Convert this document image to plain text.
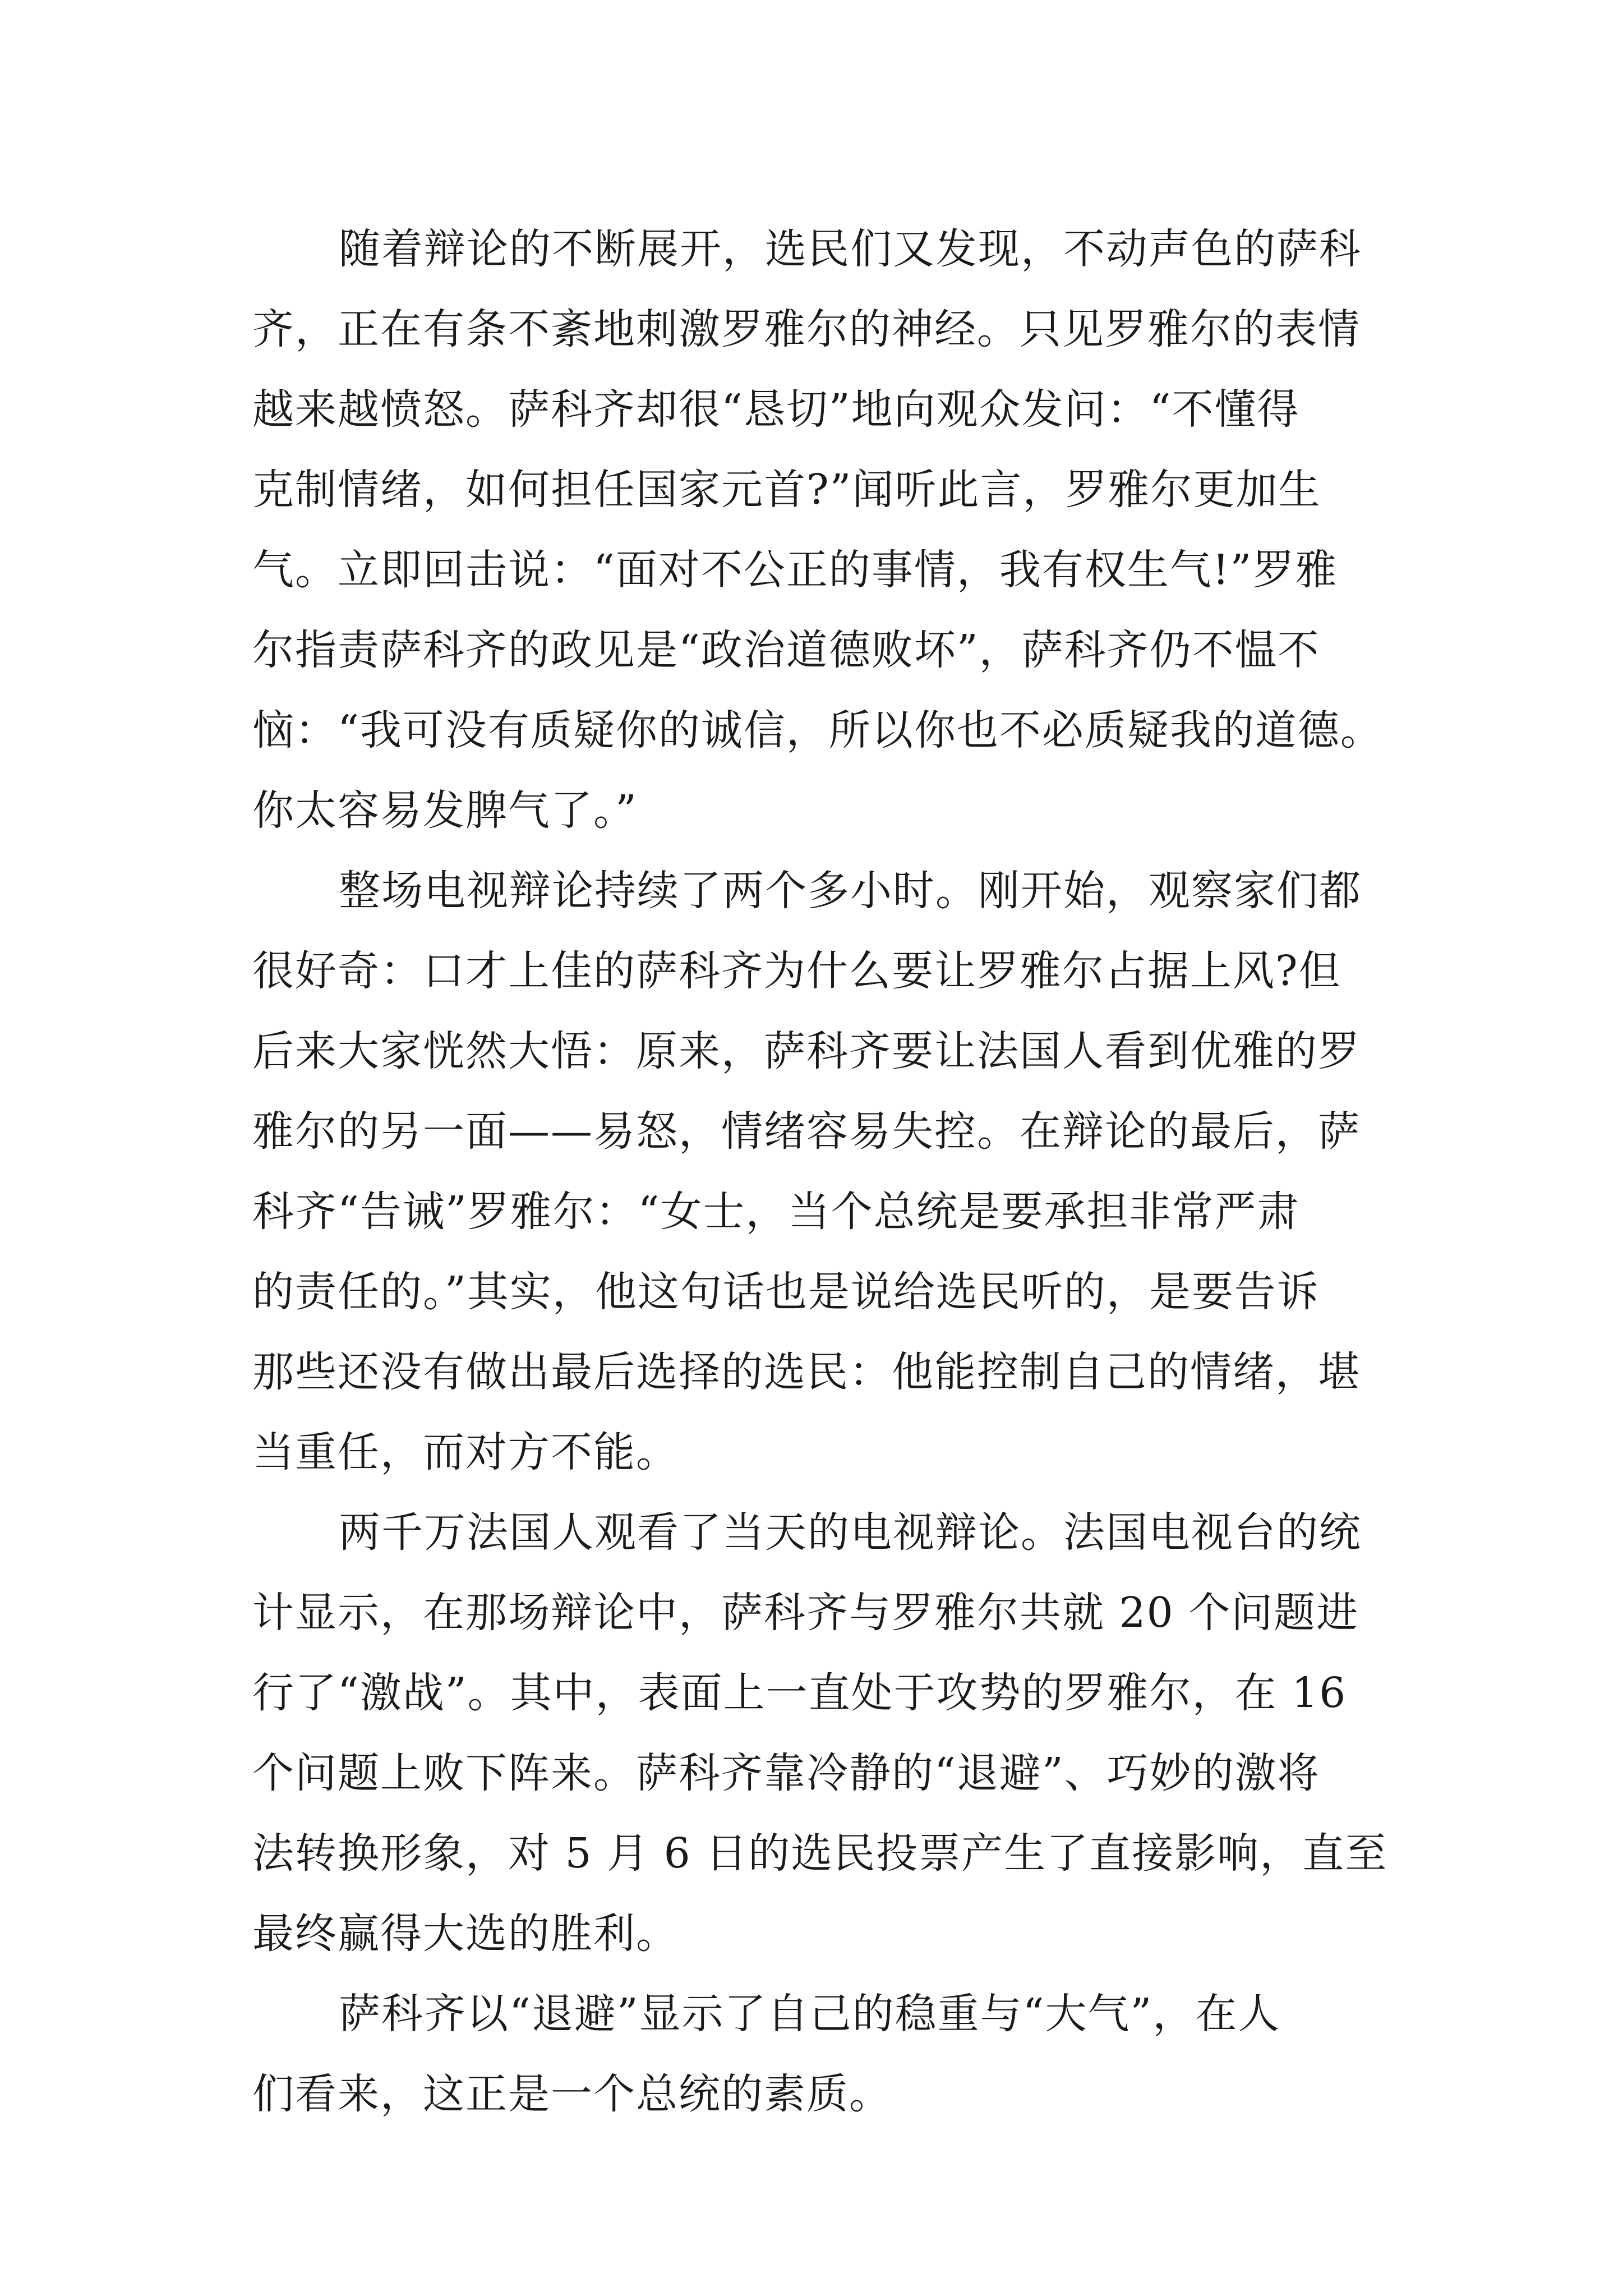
随着辩论的不断展开，选民们又发现，不动声色的萨科
齐，正在有条不紊地刺激罗雅尔的神经。只见罗雅尔的表情
越来越愤怒。萨科齐却很“恳切”地向观众发问：“不懂得
克制情绪，如何担任国家元首?”闻听此言，罗雅尔更加生
气。立即回击说：“面对不公正的事情，我有权生气!”罗雅
尔指责萨科齐的政见是“政治道德败坏”，萨科齐仍不愠不
恼：“我可没有质疑你的诚信，所以你也不必质疑我的道德。
你太容易发脾气了。”
整场电视辩论持续了两个多小时。刚开始，观察家们都
很好奇：口才上佳的萨科齐为什么要让罗雅尔占据上风?但
后来大家恍然大悟：原来，萨科齐要让法国人看到优雅的罗
雅尔的另一面——易怒，情绪容易失控。在辩论的最后，萨
科齐“告诫”罗雅尔：“女士，当个总统是要承担非常严肃
的责任的。”其实，他这句话也是说给选民听的，是要告诉
那些还没有做出最后选择的选民：他能控制自己的情绪，堪
当重任，而对方不能。
两千万法国人观看了当天的电视辩论。法国电视台的统
计显示，在那场辩论中，萨科齐与罗雅尔共就 20 个问题进
行了“激战”。其中，表面上一直处于攻势的罗雅尔，在 16
个问题上败下阵来。萨科齐靠冷静的“退避”、巧妙的激将
法转换形象，对 5 月 6 日的选民投票产生了直接影响，直至
最终赢得大选的胜利。
萨科齐以“退避”显示了自己的稳重与“大气”，在人
们看来，这正是一个总统的素质。
